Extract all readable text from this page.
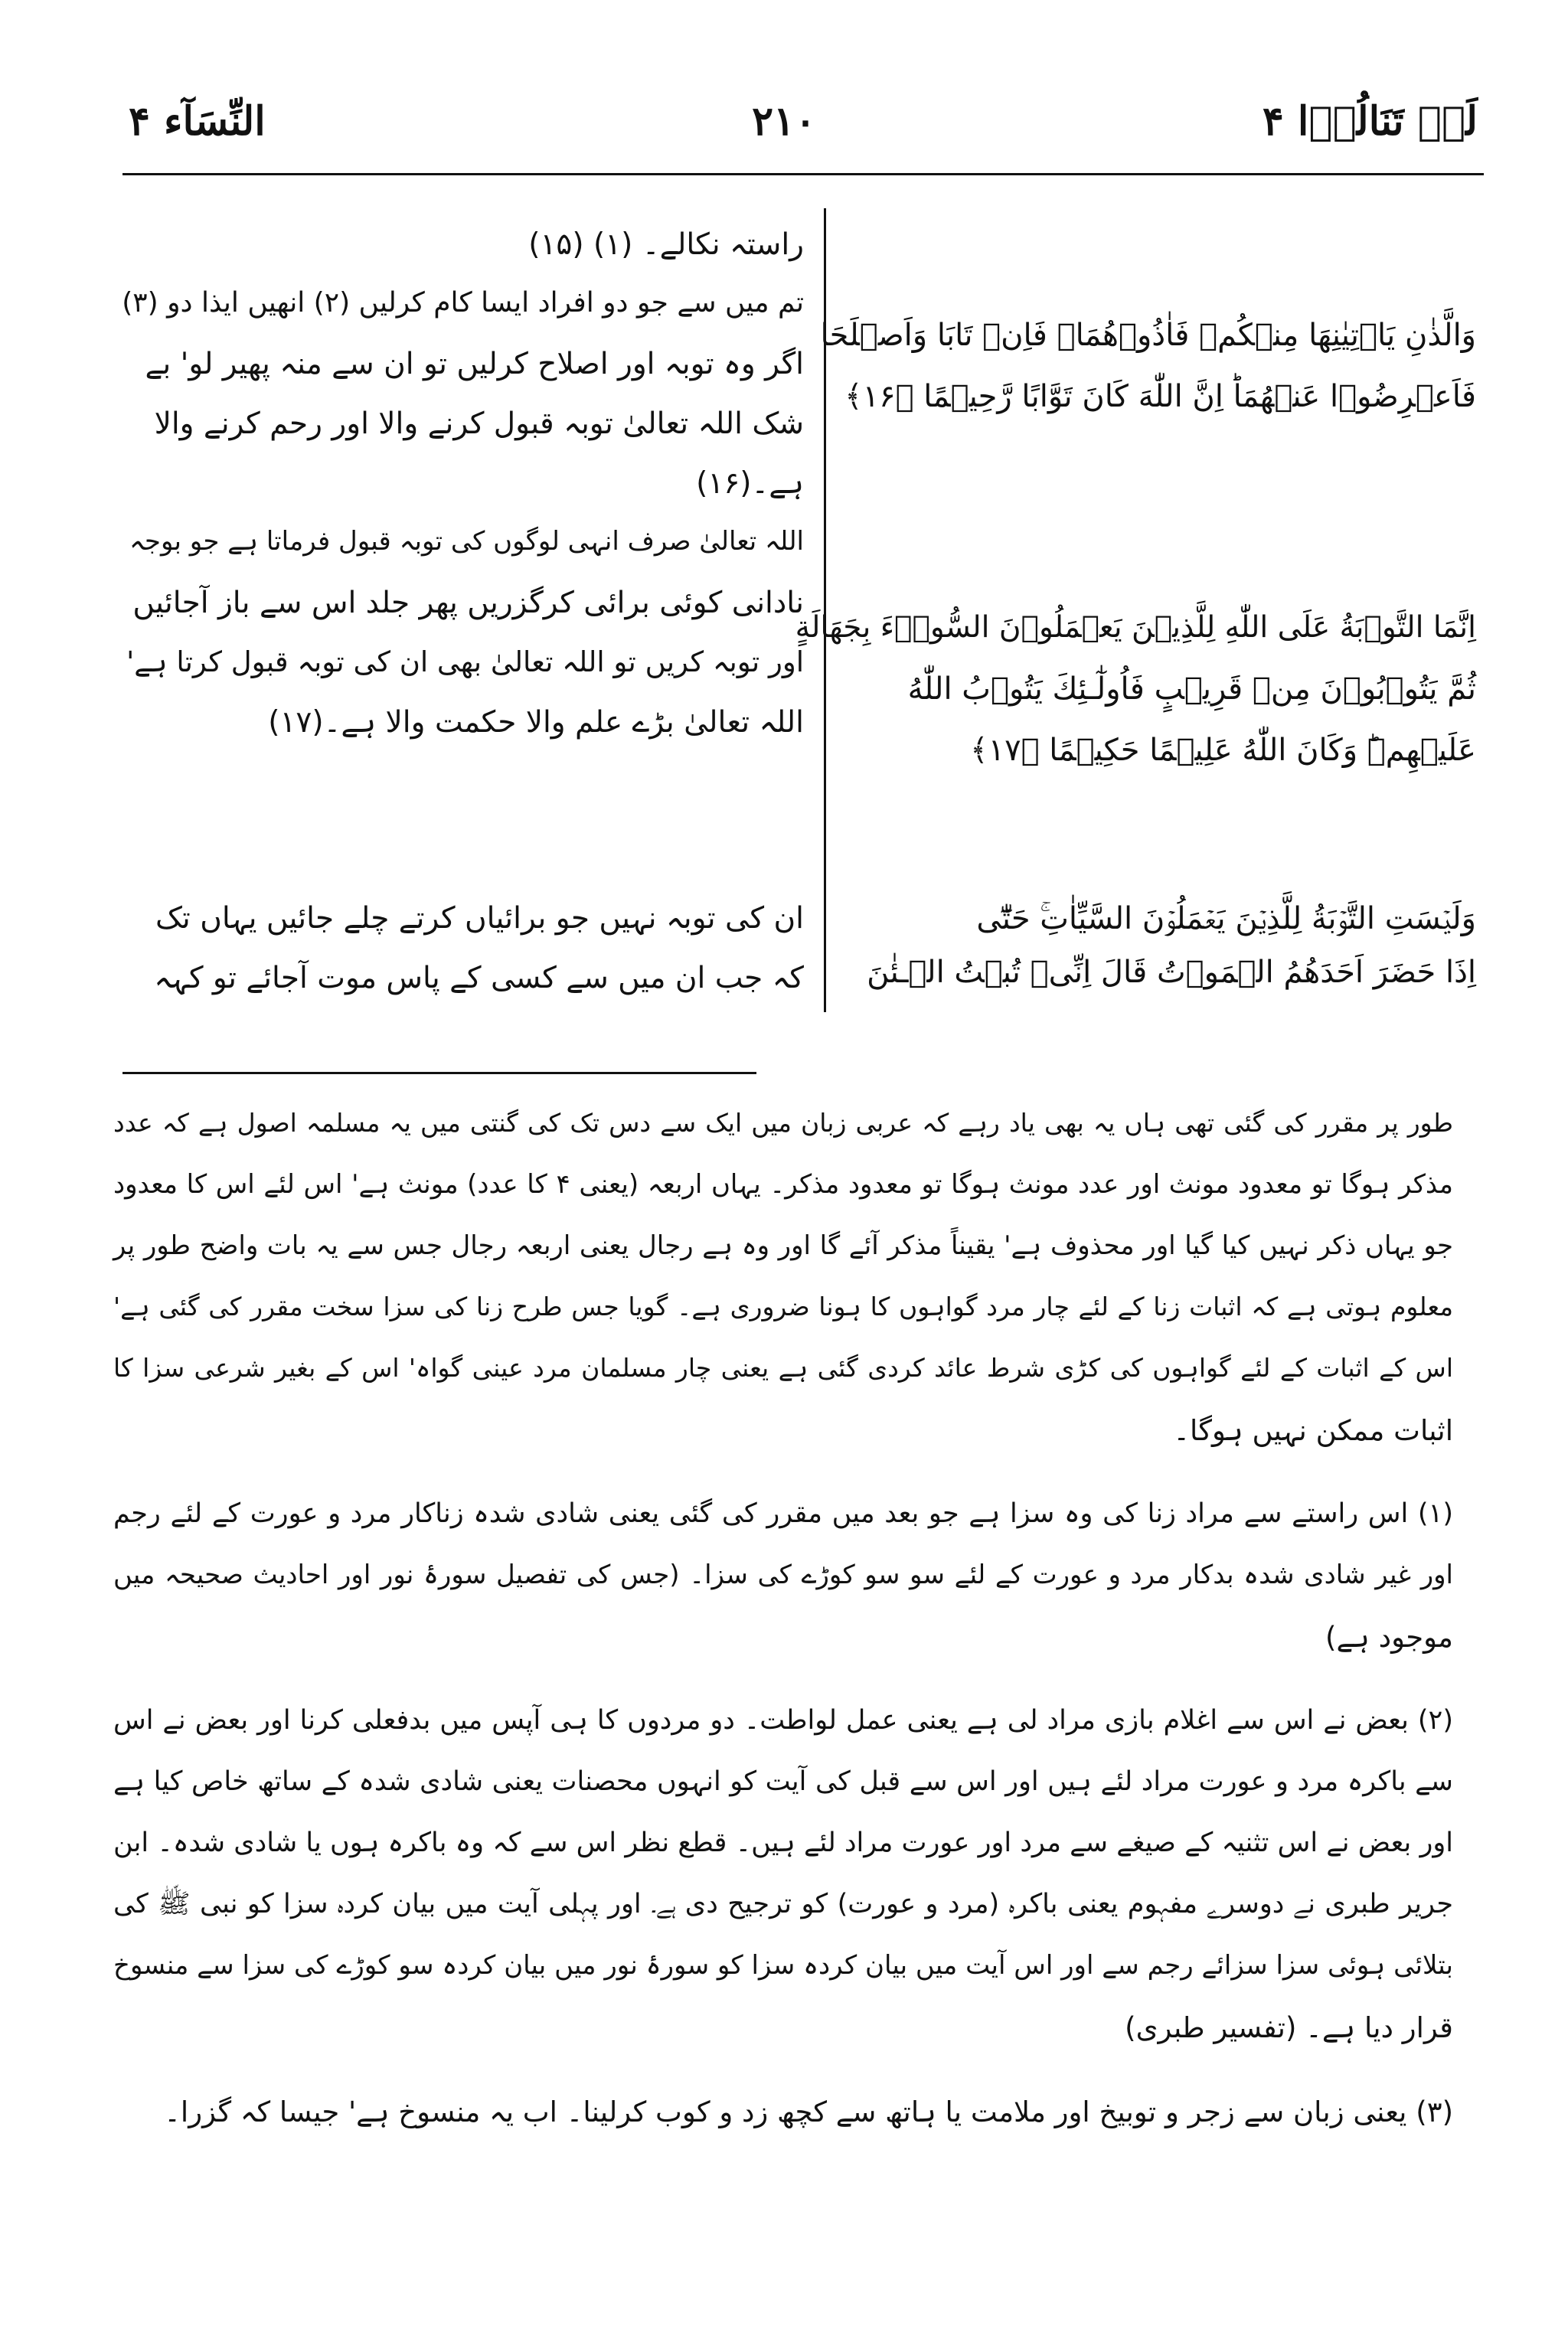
لَنۡ تَنَالُوۡا ۴
۲۱۰
النِّسَآء ۴
وَالَّذٰنِ يَاۡتِيٰنِهَا مِنۡكُمۡ فَاٰذُوۡهُمَا‌ۚ فَاِنۡ تَابَا وَاَصۡلَحَا
فَاَعۡرِضُوۡا عَنۡهُمَا‌ؕ اِنَّ اللّٰهَ كَانَ تَوَّابًا رَّحِيۡمًا ﴿۱۶﴾
اِنَّمَا التَّوۡبَةُ عَلَى اللّٰهِ لِلَّذِيۡنَ يَعۡمَلُوۡنَ السُّوۡۤءَ بِجَهَالَةٍ
ثُمَّ يَتُوۡبُوۡنَ مِنۡ قَرِيۡبٍ فَاُولٰٓـئِكَ يَتُوۡبُ اللّٰهُ
عَلَيۡهِمۡ‌ؕ وَكَانَ اللّٰهُ عَلِيۡمًا حَكِيۡمًا ﴿۱۷﴾
وَلَيۡسَتِ التَّوۡبَةُ لِلَّذِيۡنَ يَعۡمَلُوۡنَ السَّيِّاٰتِ‌ۚ حَتّٰٓى
اِذَا حَضَرَ اَحَدَهُمُ الۡمَوۡتُ قَالَ اِنِّىۡ تُبۡتُ الۡـئٰنَ
راستہ نکالے۔ (۱) (۱۵)
تم میں سے جو دو افراد ایسا کام کرلیں (۲) انھیں ایذا دو (۳)
اگر وہ توبہ اور اصلاح کرلیں تو ان سے منہ پھیر لو' بے
شک اللہ تعالیٰ توبہ قبول کرنے والا اور رحم کرنے والا
ہے۔(۱۶)
اللہ تعالیٰ صرف انہی لوگوں کی توبہ قبول فرماتا ہے جو بوجہ
نادانی کوئی برائی کرگزریں پھر جلد اس سے باز آجائیں
اور توبہ کریں تو اللہ تعالیٰ بھی ان کی توبہ قبول کرتا ہے'
اللہ تعالیٰ بڑے علم والا حکمت والا ہے۔(۱۷)
ان کی توبہ نہیں جو برائیاں کرتے چلے جائیں یہاں تک
کہ جب ان میں سے کسی کے پاس موت آجائے تو کہہ
طور پر مقرر کی گئی تھی ہاں یہ بھی یاد رہے کہ عربی زبان میں ایک سے دس تک کی گنتی میں یہ مسلمہ اصول ہے کہ عدد
مذکر ہوگا تو معدود مونث اور عدد مونث ہوگا تو معدود مذکر۔ یہاں اربعہ (یعنی ۴ کا عدد) مونث ہے' اس لئے اس کا معدود
جو یہاں ذکر نہیں کیا گیا اور محذوف ہے' یقیناً مذکر آئے گا اور وہ ہے رجال یعنی اربعہ رجال جس سے یہ بات واضح طور پر
معلوم ہوتی ہے کہ اثبات زنا کے لئے چار مرد گواہوں کا ہونا ضروری ہے۔ گویا جس طرح زنا کی سزا سخت مقرر کی گئی ہے'
اس کے اثبات کے لئے گواہوں کی کڑی شرط عائد کردی گئی ہے یعنی چار مسلمان مرد عینی گواہ' اس کے بغیر شرعی سزا کا
اثبات ممکن نہیں ہوگا۔
(۱) اس راستے سے مراد زنا کی وہ سزا ہے جو بعد میں مقرر کی گئی یعنی شادی شدہ زناکار مرد و عورت کے لئے رجم
اور غیر شادی شدہ بدکار مرد و عورت کے لئے سو سو کوڑے کی سزا۔ (جس کی تفصیل سورۂ نور اور احادیث صحیحہ میں
موجود ہے)
(۲) بعض نے اس سے اغلام بازی مراد لی ہے یعنی عمل لواطت۔ دو مردوں کا ہی آپس میں بدفعلی کرنا اور بعض نے اس
سے باکرہ مرد و عورت مراد لئے ہیں اور اس سے قبل کی آیت کو انہوں محصنات یعنی شادی شدہ کے ساتھ خاص کیا ہے
اور بعض نے اس تثنیہ کے صیغے سے مرد اور عورت مراد لئے ہیں۔ قطع نظر اس سے کہ وہ باکرہ ہوں یا شادی شدہ۔ ابن
جریر طبری نے دوسرے مفہوم یعنی باکرہ (مرد و عورت) کو ترجیح دی ہے۔ اور پہلی آیت میں بیان کردہ سزا کو نبی ﷺ کی
بتلائی ہوئی سزا سزائے رجم سے اور اس آیت میں بیان کردہ سزا کو سورۂ نور میں بیان کردہ سو کوڑے کی سزا سے منسوخ
قرار دیا ہے۔ (تفسیر طبری)
(۳) یعنی زبان سے زجر و توبیخ اور ملامت یا ہاتھ سے کچھ زد و کوب کرلینا۔ اب یہ منسوخ ہے' جیسا کہ گزرا۔
